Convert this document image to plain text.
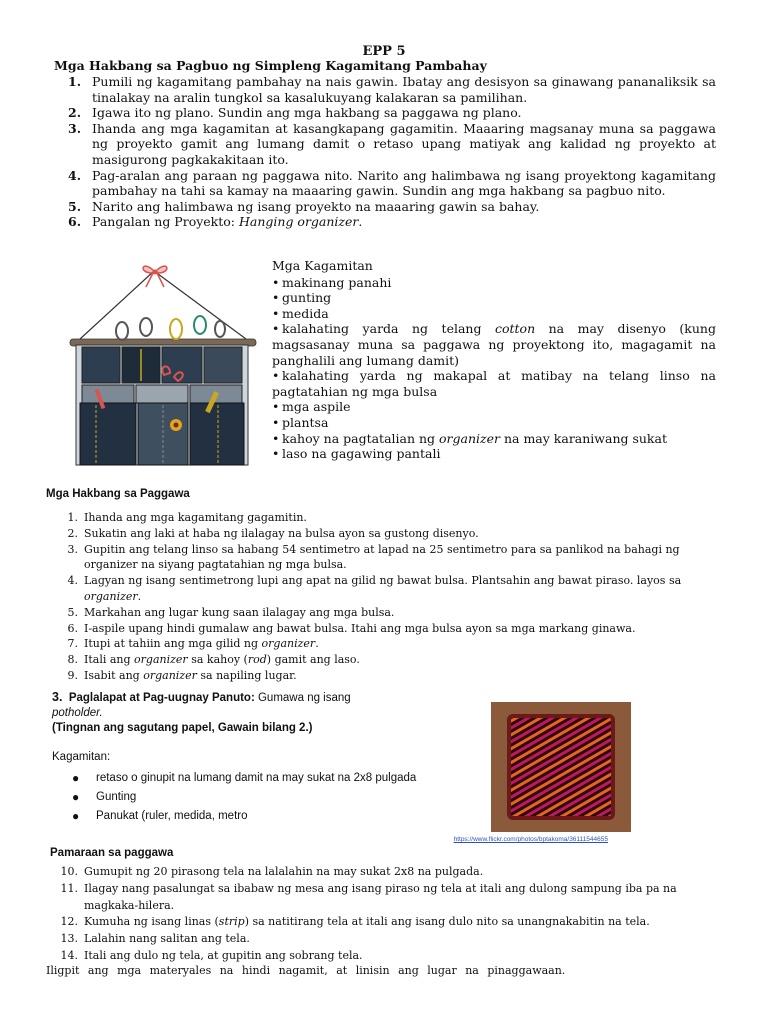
EPP 5
Mga Hakbang sa Pagbuo ng Simpleng Kagamitang Pambahay
1. Pumili ng kagamitang pambahay na nais gawin. Ibatay ang desisyon sa ginawang pananaliksik sa tinalakay na aralin tungkol sa kasalukuyang kalakaran sa pamilihan.
2. Igawa ito ng plano. Sundin ang mga hakbang sa paggawa ng plano.
3. Ihanda ang mga kagamitan at kasangkapang gagamitin. Maaaring magsanay muna sa paggawa ng proyekto gamit ang lumang damit o retaso upang matiyak ang kalidad ng proyekto at masigurong pagkakakitaan ito.
4. Pag-aralan ang paraan ng paggawa nito. Narito ang halimbawa ng isang proyektong kagamitang pambahay na tahi sa kamay na maaaring gawin. Sundin ang mga hakbang sa pagbuo nito.
5. Narito ang halimbawa ng isang proyekto na maaaring gawin sa bahay.
6. Pangalan ng Proyekto: Hanging organizer.
Mga Kagamitan
• makinang panahi
• gunting
• medida
• kalahating yarda ng telang cotton na may disenyo (kung magsasanay muna sa paggawa ng proyektong ito, magagamit na panghalili ang lumang damit)
• kalahating yarda ng makapal at matibay na telang linso na pagtatahian ng mga bulsa
• mga aspile
• plantsa
• kahoy na pagtatalian ng organizer na may karaniwang sukat
• laso na gagawing pantali
Mga Hakbang sa Paggawa
1. Ihanda ang mga kagamitang gagamitin.
2. Sukatin ang laki at haba ng ilalagay na bulsa ayon sa gustong disenyo.
3. Gupitin ang telang linso sa habang 54 sentimetro at lapad na 25 sentimetro para sa panlikod na bahagi ng organizer na siyang pagtatahian ng mga bulsa.
4. Lagyan ng isang sentimetrong lupi ang apat na gilid ng bawat bulsa. Plantsahin ang bawat piraso. layos sa organizer.
5. Markahan ang lugar kung saan ilalagay ang mga bulsa.
6. I-aspile upang hindi gumalaw ang bawat bulsa. Itahi ang mga bulsa ayon sa mga markang ginawa.
7. Itupi at tahiin ang mga gilid ng organizer.
8. Itali ang organizer sa kahoy (rod) gamit ang laso.
9. Isabit ang organizer sa napiling lugar.
3. Paglalapat at Pag-uugnay Panuto: Gumawa ng isang
potholder.
(Tingnan ang sagutang papel, Gawain bilang 2.)
Kagamitan:
● retaso o ginupit na lumang damit na may sukat na 2x8 pulgada
● Gunting
● Panukat (ruler, medida, metro
https://www.flickr.com/photos/bptakoma/36111544655
Pamaraan sa paggawa
10. Gumupit ng 20 pirasong tela na lalalahin na may sukat 2x8 na pulgada.
11. Ilagay nang pasalungat sa ibabaw ng mesa ang isang piraso ng tela at itali ang dulong sampung iba pa na magkaka-hilera.
12. Kumuha ng isang linas (strip) sa natitirang tela at itali ang isang dulo nito sa unangnakabitin na tela.
13. Lalahin nang salitan ang tela.
14. Itali ang dulo ng tela, at gupitin ang sobrang tela.
Iligpit ang mga materyales na hindi nagamit, at linisin ang lugar na pinaggawaan.
